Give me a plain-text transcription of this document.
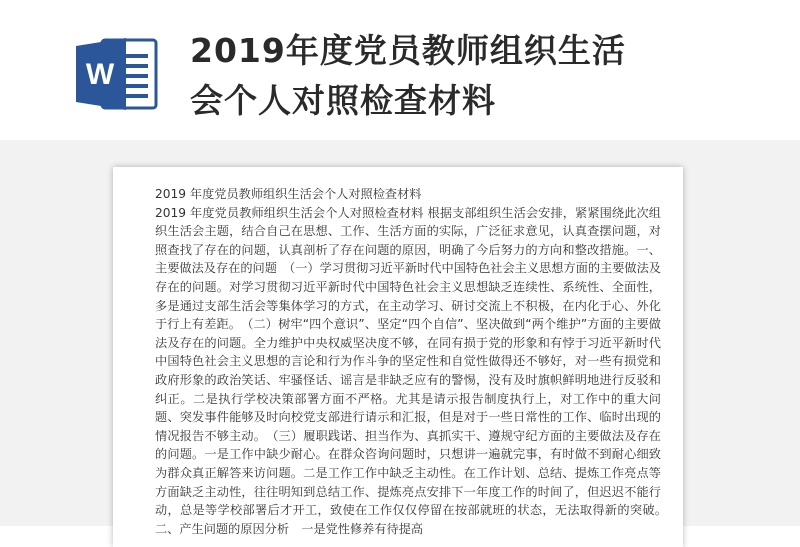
W
2019年度党员教师组织生活
会个人对照检查材料
2019 年度党员教师组织生活会个人对照检查材料
2019 年度党员教师组织生活会个人对照检查材料 根据支部组织生活会安排，紧紧围绕此次组织生活会主题，结合自己在思想、工作、生活方面的实际，广泛征求意见，认真查摆问题，对照查找了存在的问题，认真剖析了存在问题的原因，明确了今后努力的方向和整改措施。一、主要做法及存在的问题　（一）学习贯彻习近平新时代中国特色社会主义思想方面的主要做法及存在的问题。对学习贯彻习近平新时代中国特色社会主义思想缺乏连续性、系统性、全面性，多是通过支部生活会等集体学习的方式，在主动学习、研讨交流上不积极，在内化于心、外化于行上有差距。　（二）树牢“四个意识”、坚定“四个自信”、坚决做到“两个维护”方面的主要做法及存在的问题。全力维护中央权威坚决度不够，在同有损于党的形象和有悖于习近平新时代中国特色社会主义思想的言论和行为作斗争的坚定性和自觉性做得还不够好，对一些有损党和政府形象的政治笑话、牢骚怪话、谣言是非缺乏应有的警惕，没有及时旗帜鲜明地进行反驳和纠正。二是执行学校决策部署方面不严格。尤其是请示报告制度执行上，对工作中的重大问题、突发事件能够及时向校党支部进行请示和汇报，但是对于一些日常性的工作、临时出现的情况报告不够主动。　（三）履职践诺、担当作为、真抓实干、遵规守纪方面的主要做法及存在的问题。一是工作中缺少耐心。在群众咨询问题时，只想讲一遍就完事，有时做不到耐心细致为群众真正解答来访问题。二是工作工作中缺乏主动性。在工作计划、总结、提炼工作亮点等方面缺乏主动性，往往明知到总结工作、提炼亮点安排下一年度工作的时间了，但迟迟不能行动，总是等学校部署后才开工，致使在工作仅仅停留在按部就班的状态，无法取得新的突破。　二、产生问题的原因分析　一是党性修养有待提高
